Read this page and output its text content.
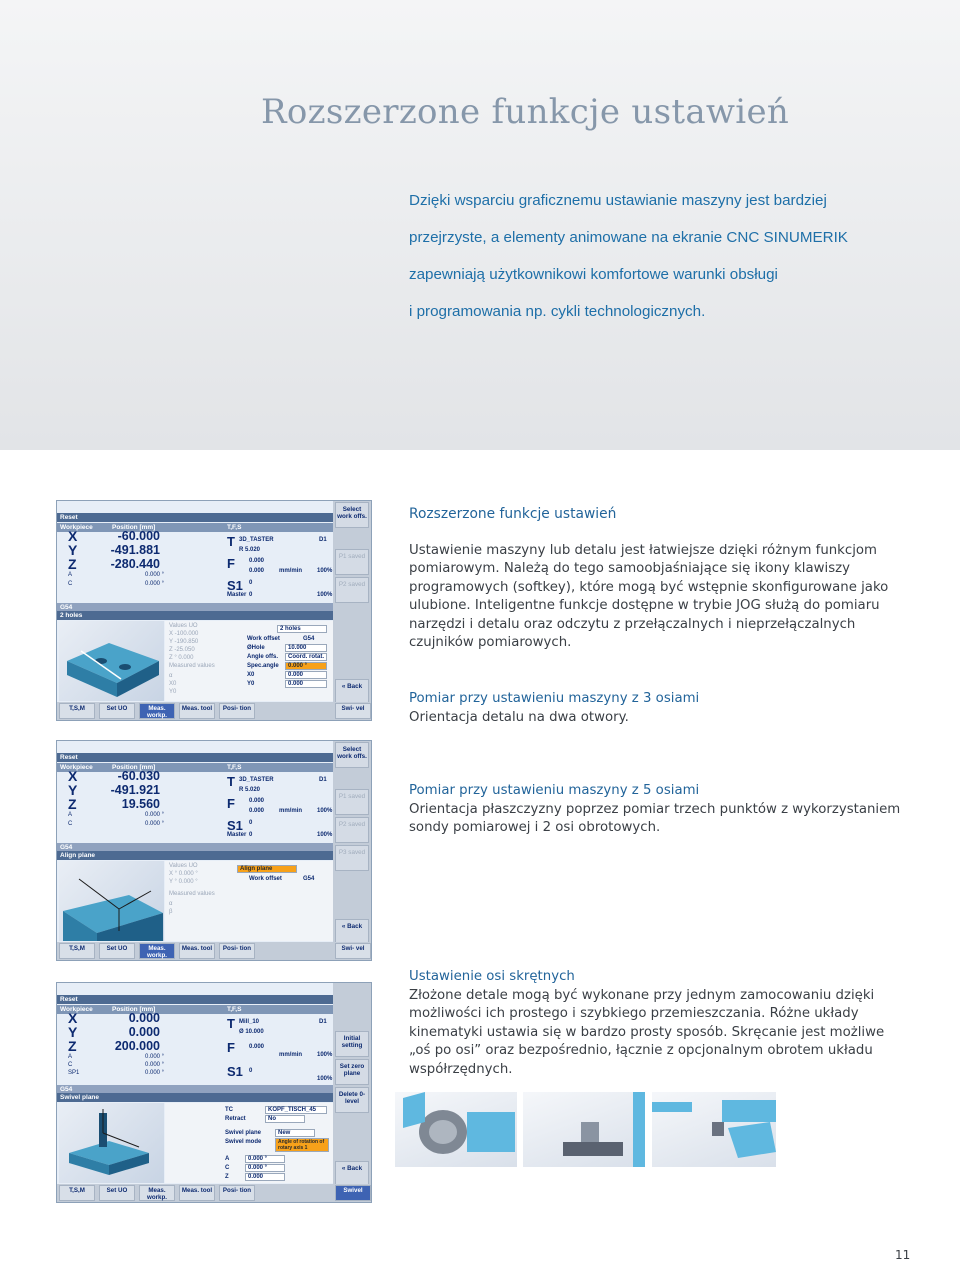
Rozszerzone funkcje ustawień
Dzięki wsparciu graficznemu ustawianie maszyny jest bardziej
przejrzyste, a elementy animowane na ekranie CNC SINUMERIK
zapewniają użytkownikowi komfortowe warunki obsługi
i programowania np. cykli technologicznych.
Rozszerzone funkcje ustawień
Ustawienie maszyny lub detalu jest łatwiejsze dzięki różnym funkcjom
pomiarowym. Należą do tego samoobjaśniające się ikony klawiszy
programowych (softkey), które mogą być wstępnie skonfigurowane jako
ulubione. Inteligentne funkcje dostępne w trybie JOG służą do pomiaru
narzędzi i detalu oraz odczytu z przełączalnych i nieprzełączalnych
czujników pomiarowych.
Pomiar przy ustawieniu maszyny z 3 osiami
Orientacja detalu na dwa otwory.
Pomiar przy ustawieniu maszyny z 5 osiami
Orientacja płaszczyzny poprzez pomiar trzech punktów z wykorzystaniem
sondy pomiarowej i 2 osi obrotowych.
Ustawienie osi skrętnych
Złożone detale mogą być wykonane przy jednym zamocowaniu dzięki
możliwości ich prostego i szybkiego przemieszczania. Różne układy
kinematyki ustawia się w bardzo prosty sposób. Skręcanie jest możliwe
„oś po osi” oraz bezpośrednio, łącznie z opcjonalnym obrotem układu
współrzędnych.
Reset
Workpiece	Position [mm]	T,F,S
X	-60.000
Y	-491.881
Z	-280.440
A	0.000 °
C	0.000 °
T 3D_TASTER
R 5.020
D1
F 0.000
0.000 mm/min 100%
S1 0
Master 0	100%
G54
2 holes
Values UO
X -100.000
Y -190.850
Z -25.050
Z ° 0.000
Measured values
α
X0
Y0
2 holes
Work offset	G54
ØHole	10.000
Angle offs.	Coord. rotat.
Spec.angle	0.000 °
X0	0.000
Y0	0.000
Select work offs.
P1 saved
P2 saved
« Back
T,S,M	Set UO	Meas. workp.
Meas. tool	Posi- tion	Swi- vel
Reset
Workpiece	Position [mm]	T,F,S
X	-60.030
Y	-491.921
Z	19.560
A	0.000 °
C	0.000 °
T 3D_TASTER
R 5.020
D1
F 0.000
0.000 mm/min 100%
S1 0
Master 0	100%
G54
Align plane
Values UO
X ° 0.000 °
Y ° 0.000 °
Measured values
α
β
Align plane
Work offset	G54
Select work offs.
P1 saved
P2 saved
P3 saved
« Back
T,S,M	Set UO	Meas. workp.
Meas. tool	Posi- tion	Swi- vel
Reset
Workpiece	Position [mm]	T,F,S
X	0.000
Y	0.000
Z	200.000
A	0.000 °
C	0.000 °
SP1	0.000 °
T Mill_10
Ø 10.000
D1
F 0.000
mm/min 100%
S1 0
100%
G54
Swivel plane
TC	KOPF_TISCH_45
Retract	No
Swivel plane	New
Swivel mode	Angle of rotation of rotary axis 1
A	0.000 °
C	0.000 °
Z	0.000
Initial setting
Set zero plane
Delete 0-level
« Back
T,S,M	Set UO	Meas. workp.
Meas. tool	Posi- tion	Swivel
11
